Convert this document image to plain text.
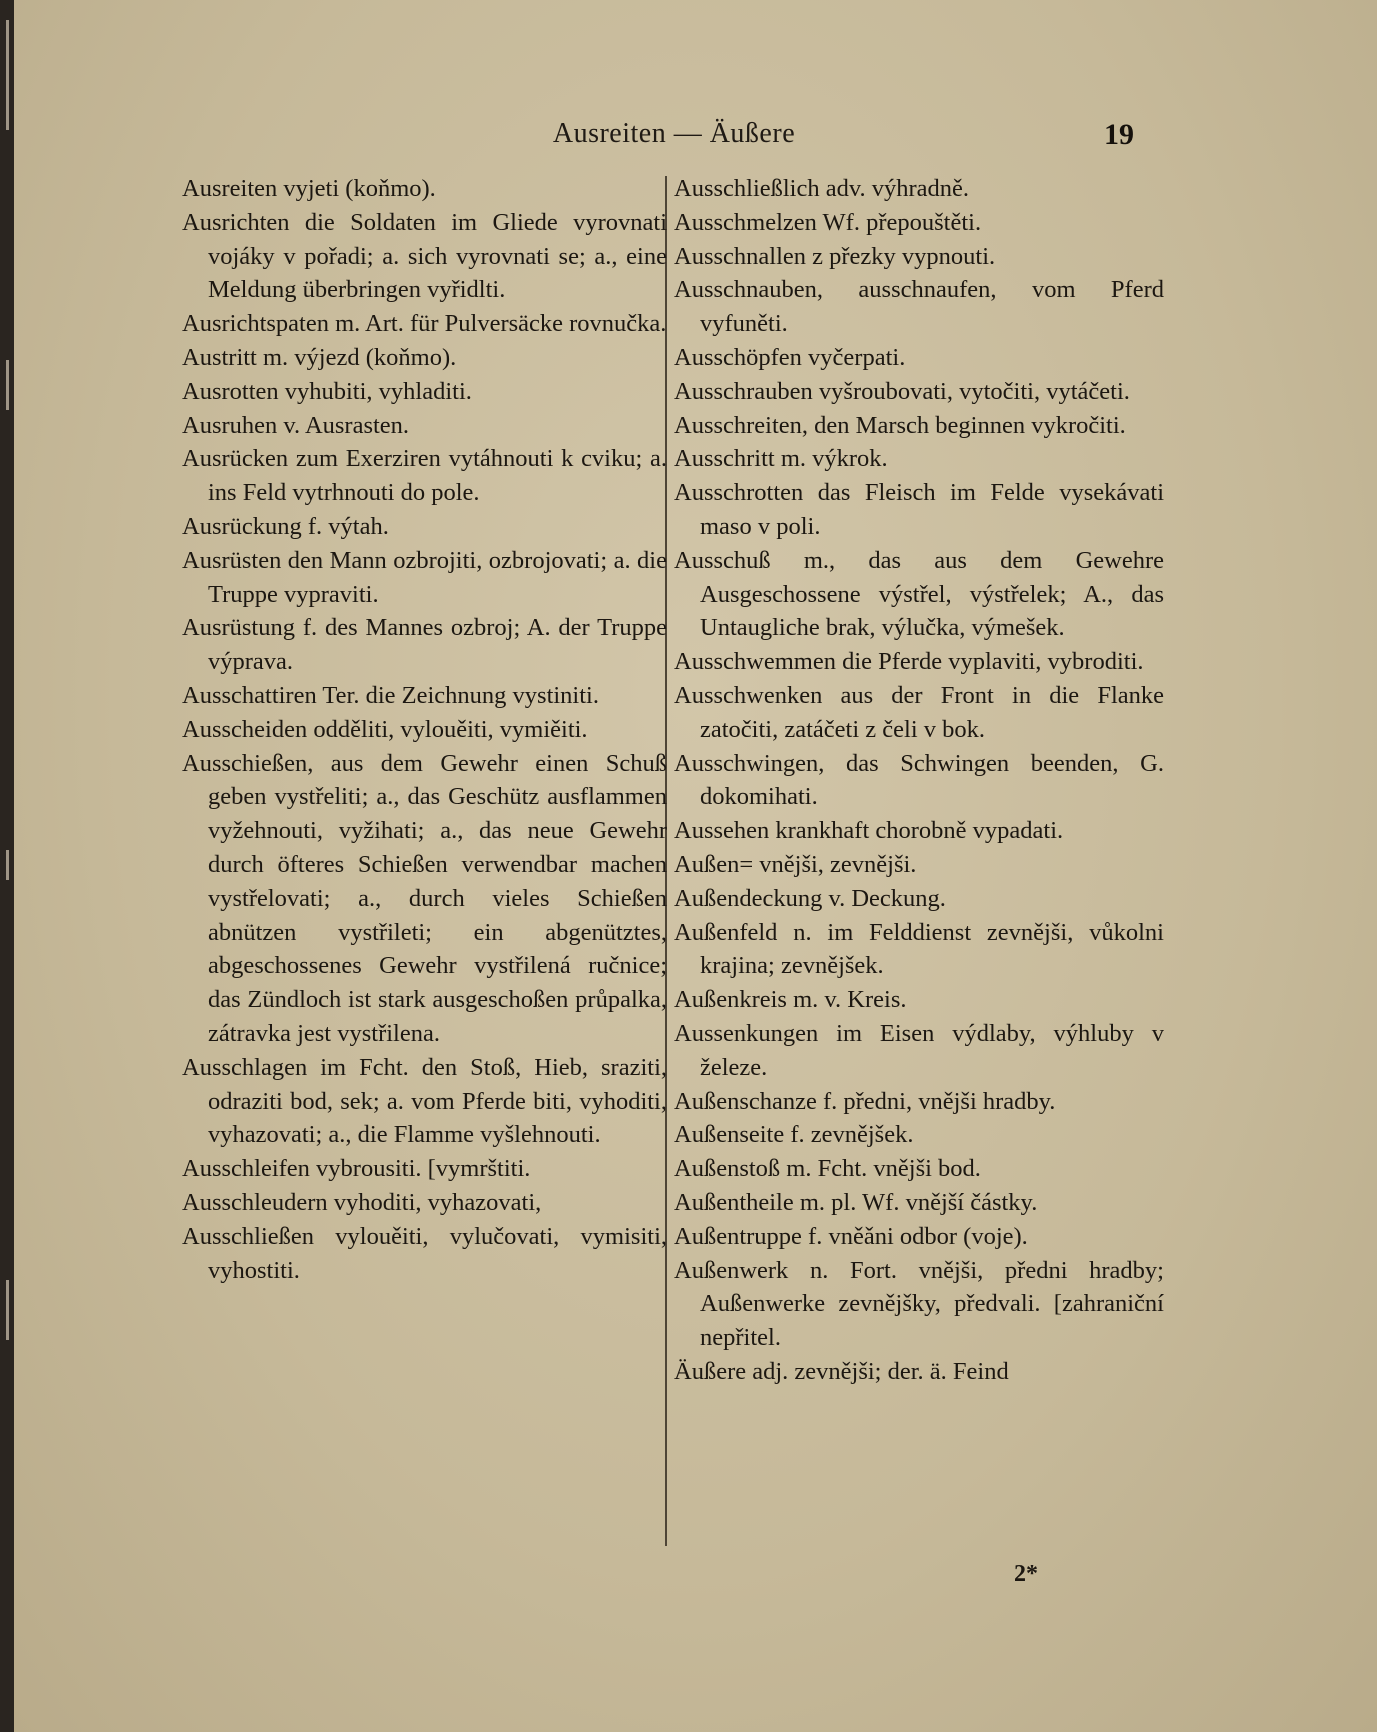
Ausreiten — Äußere	19

Ausreiten vyjeti (koňmo).

Ausrichten die Soldaten im Gliede vyrovnati vojáky v pořadi; a. sich vyrovnati se; a., eine Meldung überbringen vyřidlti.

Ausrichtspaten m. Art. für Pulversäcke rovnučka.

Austritt m. výjezd (koňmo).

Ausrotten vyhubiti, vyhladiti.

Ausruhen v. Ausrasten.

Ausrücken zum Exerziren vytáhnouti k cviku; a. ins Feld vytrhnouti do pole.

Ausrückung f. výtah.

Ausrüsten den Mann ozbrojiti, ozbrojovati; a. die Truppe vypraviti.

Ausrüstung f. des Mannes ozbroj; A. der Truppe výprava.

Ausschattiren Ter. die Zeichnung vystiniti.

Ausscheiden odděliti, vylouěiti, vymiěiti.

Ausschießen, aus dem Gewehr einen Schuß geben vystřeliti; a., das Geschütz ausflammen vyžehnouti, vyžihati; a., das neue Gewehr durch öfteres Schießen verwendbar machen vystřelovati; a., durch vieles Schießen abnützen vystřileti; ein abgenütztes, abgeschossenes Gewehr vystřilená ručnice; das Zündloch ist stark ausgeschoßen průpalka, zátravka jest vystřilena.

Ausschlagen im Fcht. den Stoß, Hieb, sraziti, odraziti bod, sek; a. vom Pferde biti, vyhoditi, vyhazovati; a., die Flamme vyšlehnouti.

Ausschleifen vybrousiti. [vymrštiti.

Ausschleudern vyhoditi, vyhazovati,

Ausschließen vylouěiti, vylučovati, vymisiti, vyhostiti.

Ausschließlich adv. výhradně.

Ausschmelzen Wf. přepouštěti.

Ausschnallen z přezky vypnouti.

Ausschnauben, ausschnaufen, vom Pferd vyfuněti.

Ausschöpfen vyčerpati.

Ausschrauben vyšroubovati, vytočiti, vytáčeti.

Ausschreiten, den Marsch beginnen vykročiti.

Ausschritt m. výkrok.

Ausschrotten das Fleisch im Felde vysekávati maso v poli.

Ausschuß m., das aus dem Gewehre Ausgeschossene výstřel, výstřelek; A., das Untaugliche brak, výlučka, výmešek.

Ausschwemmen die Pferde vyplaviti, vybroditi.

Ausschwenken aus der Front in die Flanke zatočiti, zatáčeti z čeli v bok.

Ausschwingen, das Schwingen beenden, G. dokomihati.

Aussehen krankhaft chorobně vypadati.

Außen= vnějši, zevnějši.

Außendeckung v. Deckung.

Außenfeld n. im Felddienst zevnějši, vůkolni krajina; zevnějšek.

Außenkreis m. v. Kreis.

Aussenkungen im Eisen výdlaby, výhluby v železe.

Außenschanze f. předni, vnějši hradby.

Außenseite f. zevnějšek.

Außenstoß m. Fcht. vnějši bod.

Außentheile m. pl. Wf. vnější částky.

Außentruppe f. vněǎni odbor (voje).

Außenwerk n. Fort. vnějši, předni hradby; Außenwerke zevnějšky, předvali. [zahraniční nepřitel.

Äußere adj. zevnějši; der. ä. Feind

2*
